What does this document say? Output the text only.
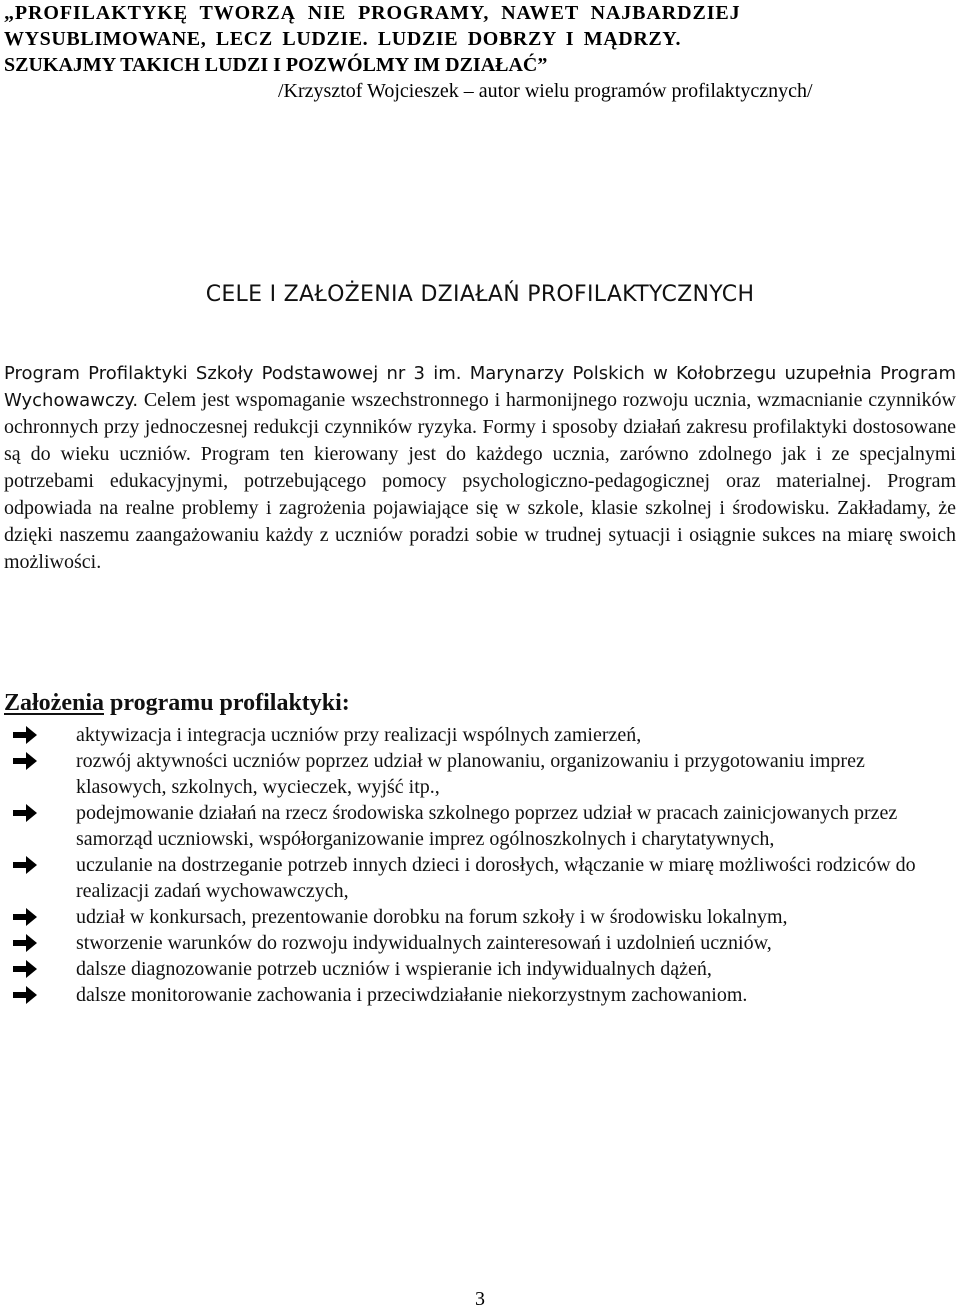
„PROFILAKTYKĘ TWORZĄ NIE PROGRAMY, NAWET NAJBARDZIEJ
WYSUBLIMOWANE, LECZ LUDZIE. LUDZIE DOBRZY I MĄDRZY.
SZUKAJMY TAKICH LUDZI I POZWÓLMY IM DZIAŁAĆ”
/Krzysztof Wojcieszek – autor wielu programów profilaktycznych/
CELE I ZAŁOŻENIA DZIAŁAŃ PROFILAKTYCZNYCH

Program Profilaktyki Szkoły Podstawowej nr 3 im. Marynarzy Polskich w Kołobrzegu uzupełnia Program Wychowawczy. Celem jest wspomaganie wszechstronnego i harmonijnego rozwoju ucznia, wzmacnianie czynników ochronnych przy jednoczesnej redukcji czynników ryzyka. Formy i sposoby działań zakresu profilaktyki dostosowane są do wieku uczniów. Program ten kierowany jest do każdego ucznia, zarówno zdolnego jak i ze specjalnymi potrzebami edukacyjnymi, potrzebującego pomocy psychologiczno-pedagogicznej oraz materialnej. Program odpowiada na realne problemy i zagrożenia pojawiające się w szkole, klasie szkolnej i środowisku. Zakładamy, że dzięki naszemu zaangażowaniu każdy z uczniów poradzi sobie w trudnej sytuacji i osiągnie sukces na miarę swoich możliwości.

Założenia programu profilaktyki:
aktywizacja i integracja uczniów przy realizacji wspólnych zamierzeń,
rozwój aktywności uczniów poprzez udział w planowaniu, organizowaniu i przygotowaniu imprez klasowych, szkolnych, wycieczek, wyjść itp.,
podejmowanie działań na rzecz środowiska szkolnego poprzez udział w pracach zainicjowanych przez samorząd uczniowski, współorganizowanie imprez ogólnoszkolnych i charytatywnych,
uczulanie na dostrzeganie potrzeb innych dzieci i dorosłych, włączanie w miarę możliwości rodziców do realizacji zadań wychowawczych,
udział w konkursach, prezentowanie dorobku na forum szkoły i w środowisku lokalnym,
stworzenie warunków do rozwoju indywidualnych zainteresowań i uzdolnień uczniów,
dalsze diagnozowanie potrzeb uczniów i wspieranie ich indywidualnych dążeń,
dalsze monitorowanie zachowania i przeciwdziałanie niekorzystnym zachowaniom.
3
